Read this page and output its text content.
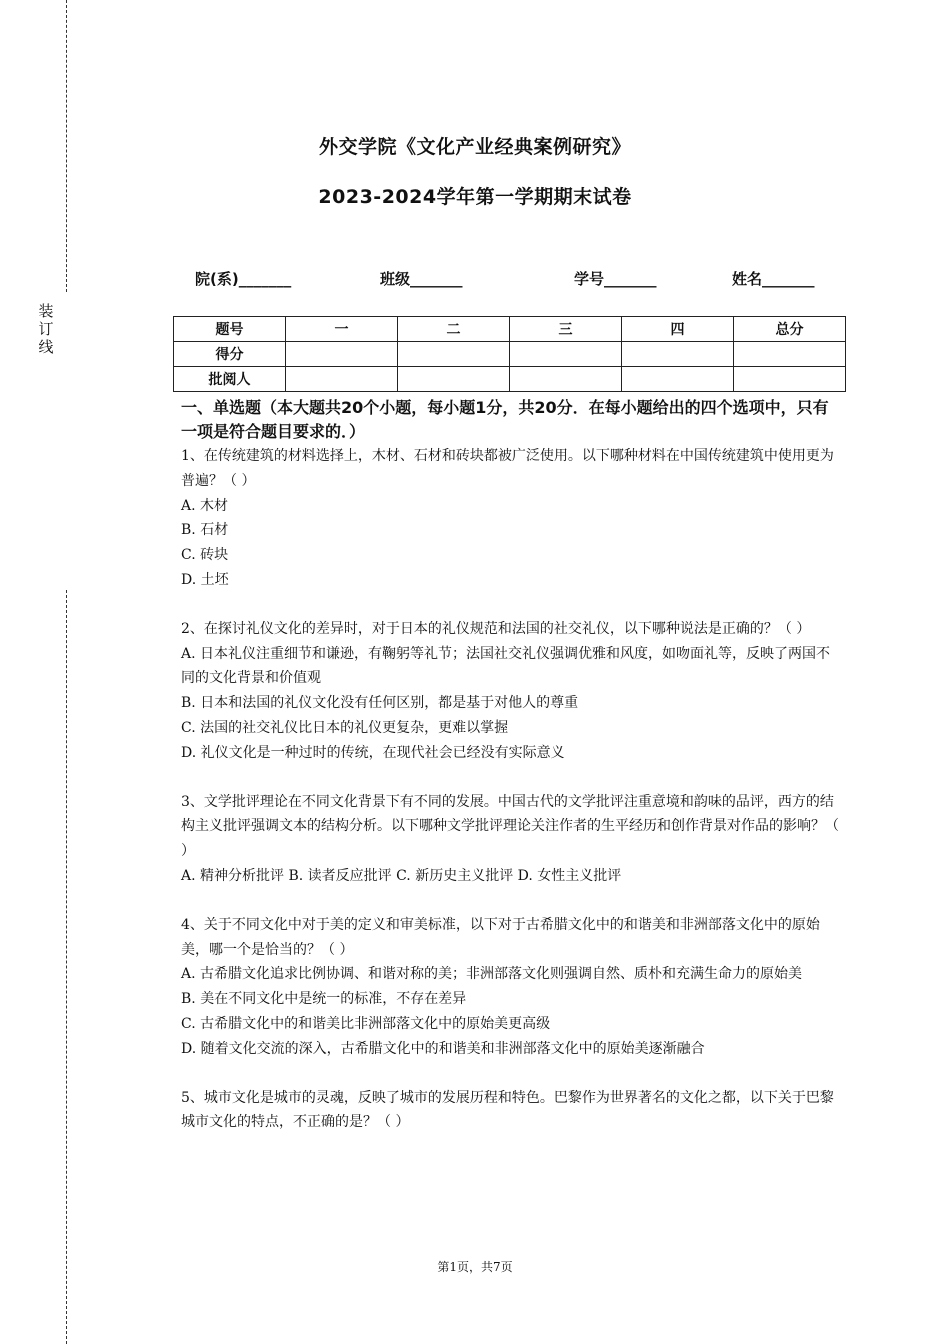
装
订
线
外交学院《文化产业经典案例研究》
2023-2024学年第一学期期末试卷
院(系)_______	班级_______	学号_______	姓名_______
题号	一	二	三	四	总分
得分					
批阅人					

一、单选题（本大题共20个小题，每小题1分，共20分．在每小题给出的四个选项中，只有一项是符合题目要求的．）

1、在传统建筑的材料选择上，木材、石材和砖块都被广泛使用。以下哪种材料在中国传统建筑中使用更为普遍？（ ）

A. 木材

B. 石材

C. 砖块

D. 土坯

2、在探讨礼仪文化的差异时，对于日本的礼仪规范和法国的社交礼仪，以下哪种说法是正确的？（ ）

A. 日本礼仪注重细节和谦逊，有鞠躬等礼节；法国社交礼仪强调优雅和风度，如吻面礼等，反映了两国不同的文化背景和价值观

B. 日本和法国的礼仪文化没有任何区别，都是基于对他人的尊重

C. 法国的社交礼仪比日本的礼仪更复杂，更难以掌握

D. 礼仪文化是一种过时的传统，在现代社会已经没有实际意义

3、文学批评理论在不同文化背景下有不同的发展。中国古代的文学批评注重意境和韵味的品评，西方的结构主义批评强调文本的结构分析。以下哪种文学批评理论关注作者的生平经历和创作背景对作品的影响？（ ）

A. 精神分析批评 B. 读者反应批评 C. 新历史主义批评 D. 女性主义批评

4、关于不同文化中对于美的定义和审美标准，以下对于古希腊文化中的和谐美和非洲部落文化中的原始美，哪一个是恰当的？（ ）

A. 古希腊文化追求比例协调、和谐对称的美；非洲部落文化则强调自然、质朴和充满生命力的原始美

B. 美在不同文化中是统一的标准，不存在差异

C. 古希腊文化中的和谐美比非洲部落文化中的原始美更高级

D. 随着文化交流的深入，古希腊文化中的和谐美和非洲部落文化中的原始美逐渐融合

5、城市文化是城市的灵魂，反映了城市的发展历程和特色。巴黎作为世界著名的文化之都，以下关于巴黎城市文化的特点，不正确的是？（ ）

第1页，共7页
